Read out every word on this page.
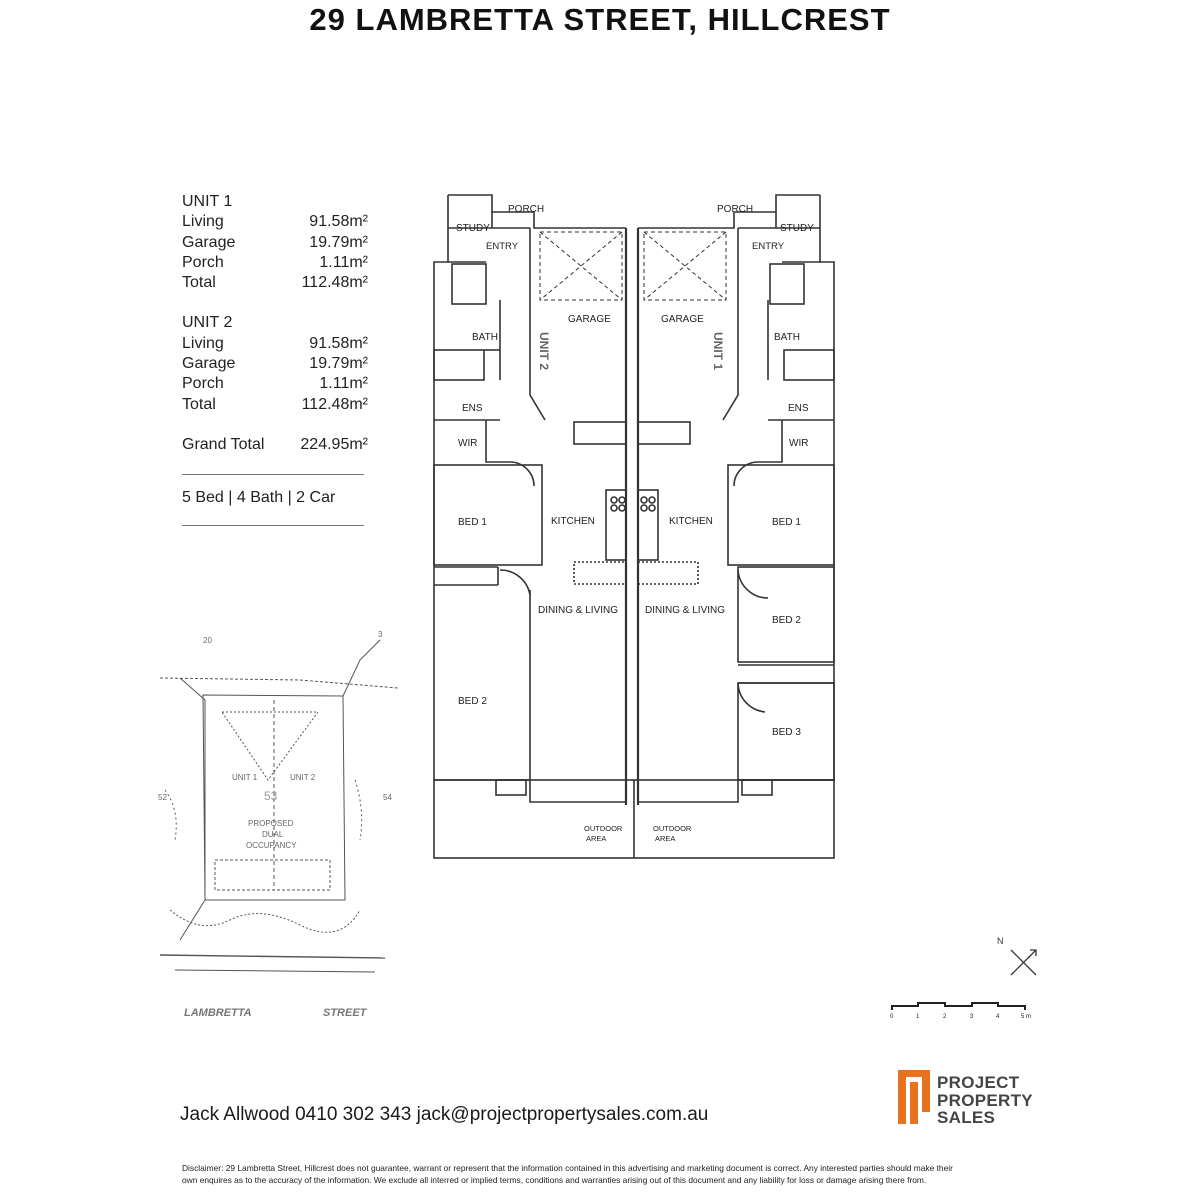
29 LAMBRETTA STREET, HILLCREST
UNIT 1
Living	91.58m²
Garage	19.79m²
Porch	1.11m²
Total	112.48m²
UNIT 2
Living	91.58m²
Garage	19.79m²
Porch	1.11m²
Total	112.48m²
Grand Total 224.95m²
5 Bed | 4 Bath | 2 Car
PORCH	PORCH
STUDY	STUDY
ENTRY	ENTRY
GARAGE	GARAGE
BATH	BATH
ENS	ENS
WIR	WIR
BED 1	BED 1
KITCHEN	KITCHEN
DINING & LIVING	DINING & LIVING
BED 2
BED 2
BED 3
OUTDOOR
AREA
OUTDOOR
AREA
UNIT 2	UNIT 1
20
3
54
52
UNIT 1	UNIT 2
53
PROPOSED
DUAL
OCCUPANCY
LAMBRETTA	STREET
N
0	1	2	3	4	5 m
Jack Allwood 0410 302 343 jack@projectpropertysales.com.au
PROJECT
PROPERTY
SALES
Disclaimer: 29 Lambretta Street, Hillcrest does not guarantee, warrant or represent that the information contained in this advertising and marketing document is correct. Any interested parties should make their own enquires as to the accuracy of the information. We exclude all interred or implied terms, conditions and warranties arising out of this document and any liability for loss or damage arising there from.
